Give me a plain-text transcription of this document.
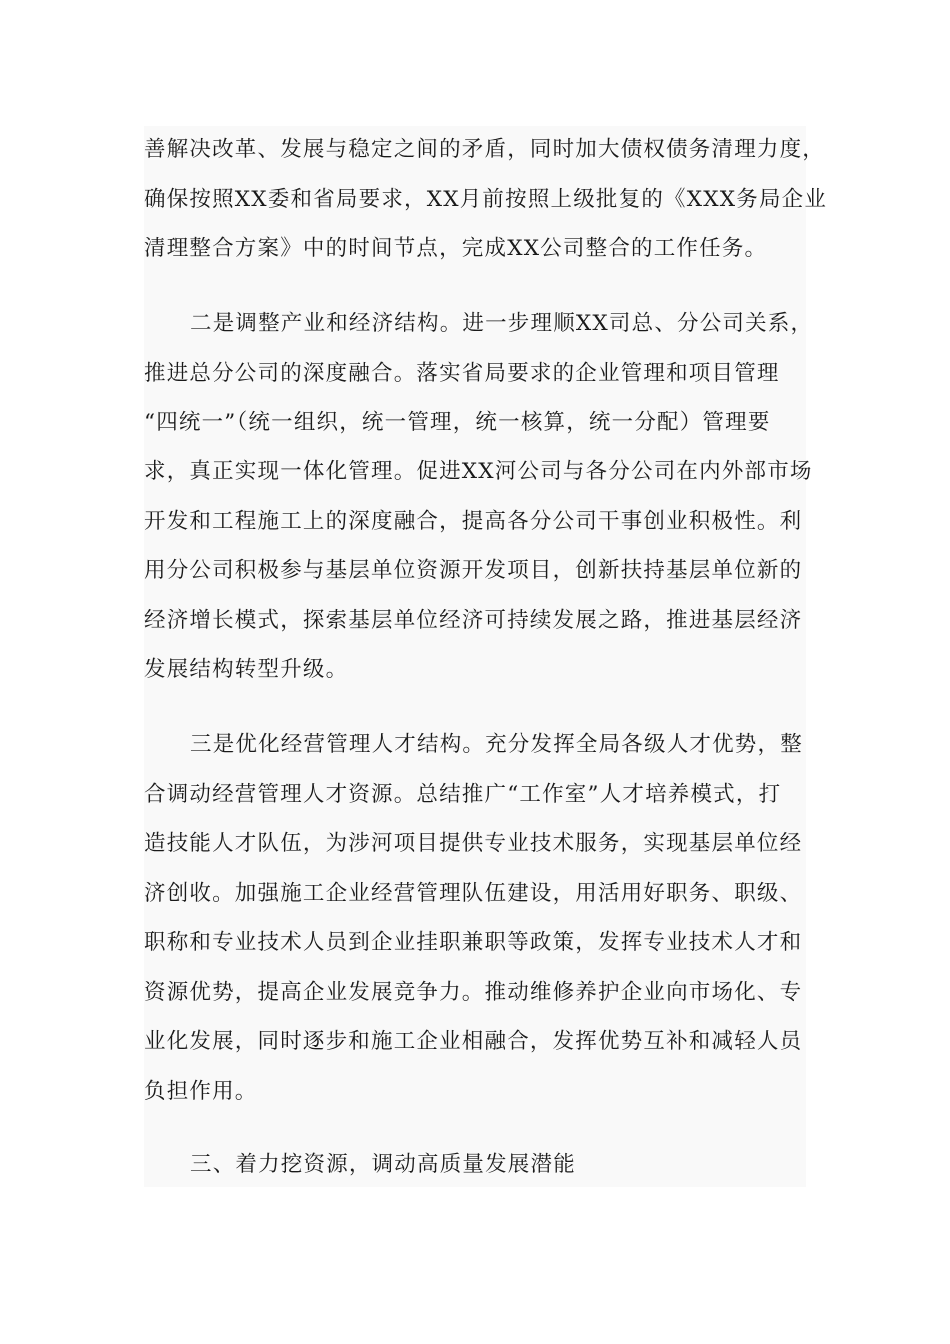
善解决改革、发展与稳定之间的矛盾，同时加大债权债务清理力度，
确保按照XX委和省局要求，XX月前按照上级批复的《XXX务局企业
清理整合方案》中的时间节点，完成XX公司整合的工作任务。
二是调整产业和经济结构。进一步理顺XX司总、分公司关系，
推进总分公司的深度融合。落实省局要求的企业管理和项目管理
“四统一”（统一组织，统一管理，统一核算，统一分配）管理要
求，真正实现一体化管理。促进XX河公司与各分公司在内外部市场
开发和工程施工上的深度融合，提高各分公司干事创业积极性。利
用分公司积极参与基层单位资源开发项目，创新扶持基层单位新的
经济增长模式，探索基层单位经济可持续发展之路，推进基层经济
发展结构转型升级。
三是优化经营管理人才结构。充分发挥全局各级人才优势，整
合调动经营管理人才资源。总结推广“工作室”人才培养模式，打
造技能人才队伍，为涉河项目提供专业技术服务，实现基层单位经
济创收。加强施工企业经营管理队伍建设，用活用好职务、职级、
职称和专业技术人员到企业挂职兼职等政策，发挥专业技术人才和
资源优势，提高企业发展竞争力。推动维修养护企业向市场化、专
业化发展，同时逐步和施工企业相融合，发挥优势互补和减轻人员
负担作用。
三、着力挖资源，调动高质量发展潜能
